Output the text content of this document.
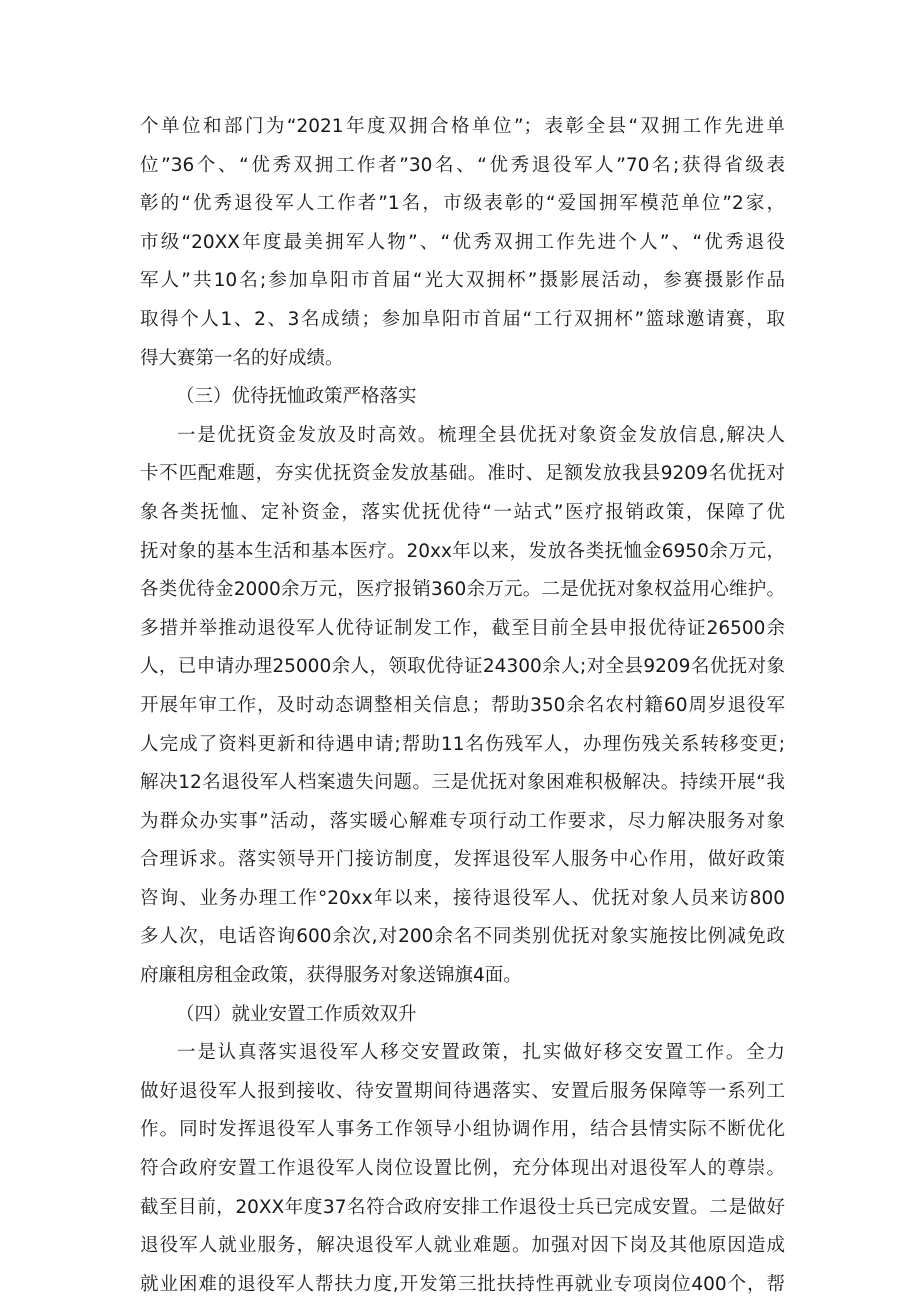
个单位和部门为“2021年度双拥合格单位”；表彰全县“双拥工作先进单
位”36个、“优秀双拥工作者”30名、“优秀退役军人”70名;获得省级表
彰的“优秀退役军人工作者”1名，市级表彰的“爱国拥军模范单位”2家，
市级“20XX年度最美拥军人物”、“优秀双拥工作先进个人”、“优秀退役
军人”共10名;参加阜阳市首届“光大双拥杯”摄影展活动，参赛摄影作品
取得个人1、2、3名成绩；参加阜阳市首届“工行双拥杯”篮球邀请赛，取
得大赛第一名的好成绩。
（三）优待抚恤政策严格落实
一是优抚资金发放及时高效。梳理全县优抚对象资金发放信息,解决人
卡不匹配难题，夯实优抚资金发放基础。准时、足额发放我县9209名优抚对
象各类抚恤、定补资金，落实优抚优待“一站式”医疗报销政策，保障了优
抚对象的基本生活和基本医疗。20xx年以来，发放各类抚恤金6950余万元，
各类优待金2000余万元，医疗报销360余万元。二是优抚对象权益用心维护。
多措并举推动退役军人优待证制发工作，截至目前全县申报优待证26500余
人，已申请办理25000余人，领取优待证24300余人;对全县9209名优抚对象
开展年审工作，及时动态调整相关信息；帮助350余名农村籍60周岁退役军
人完成了资料更新和待遇申请;帮助11名伤残军人，办理伤残关系转移变更;
解决12名退役军人档案遗失问题。三是优抚对象困难积极解决。持续开展“我
为群众办实事”活动，落实暖心解难专项行动工作要求，尽力解决服务对象
合理诉求。落实领导开门接访制度，发挥退役军人服务中心作用，做好政策
咨询、业务办理工作°20xx年以来，接待退役军人、优抚对象人员来访800
多人次，电话咨询600余次,对200余名不同类别优抚对象实施按比例减免政
府廉租房租金政策，获得服务对象送锦旗4面。
（四）就业安置工作质效双升
一是认真落实退役军人移交安置政策，扎实做好移交安置工作。全力
做好退役军人报到接收、待安置期间待遇落实、安置后服务保障等一系列工
作。同时发挥退役军人事务工作领导小组协调作用，结合县情实际不断优化
符合政府安置工作退役军人岗位设置比例，充分体现出对退役军人的尊崇。
截至目前，20XX年度37名符合政府安排工作退役士兵已完成安置。二是做好
退役军人就业服务，解决退役军人就业难题。加强对因下岗及其他原因造成
就业困难的退役军人帮扶力度,开发第三批扶持性再就业专项岗位400个，帮
